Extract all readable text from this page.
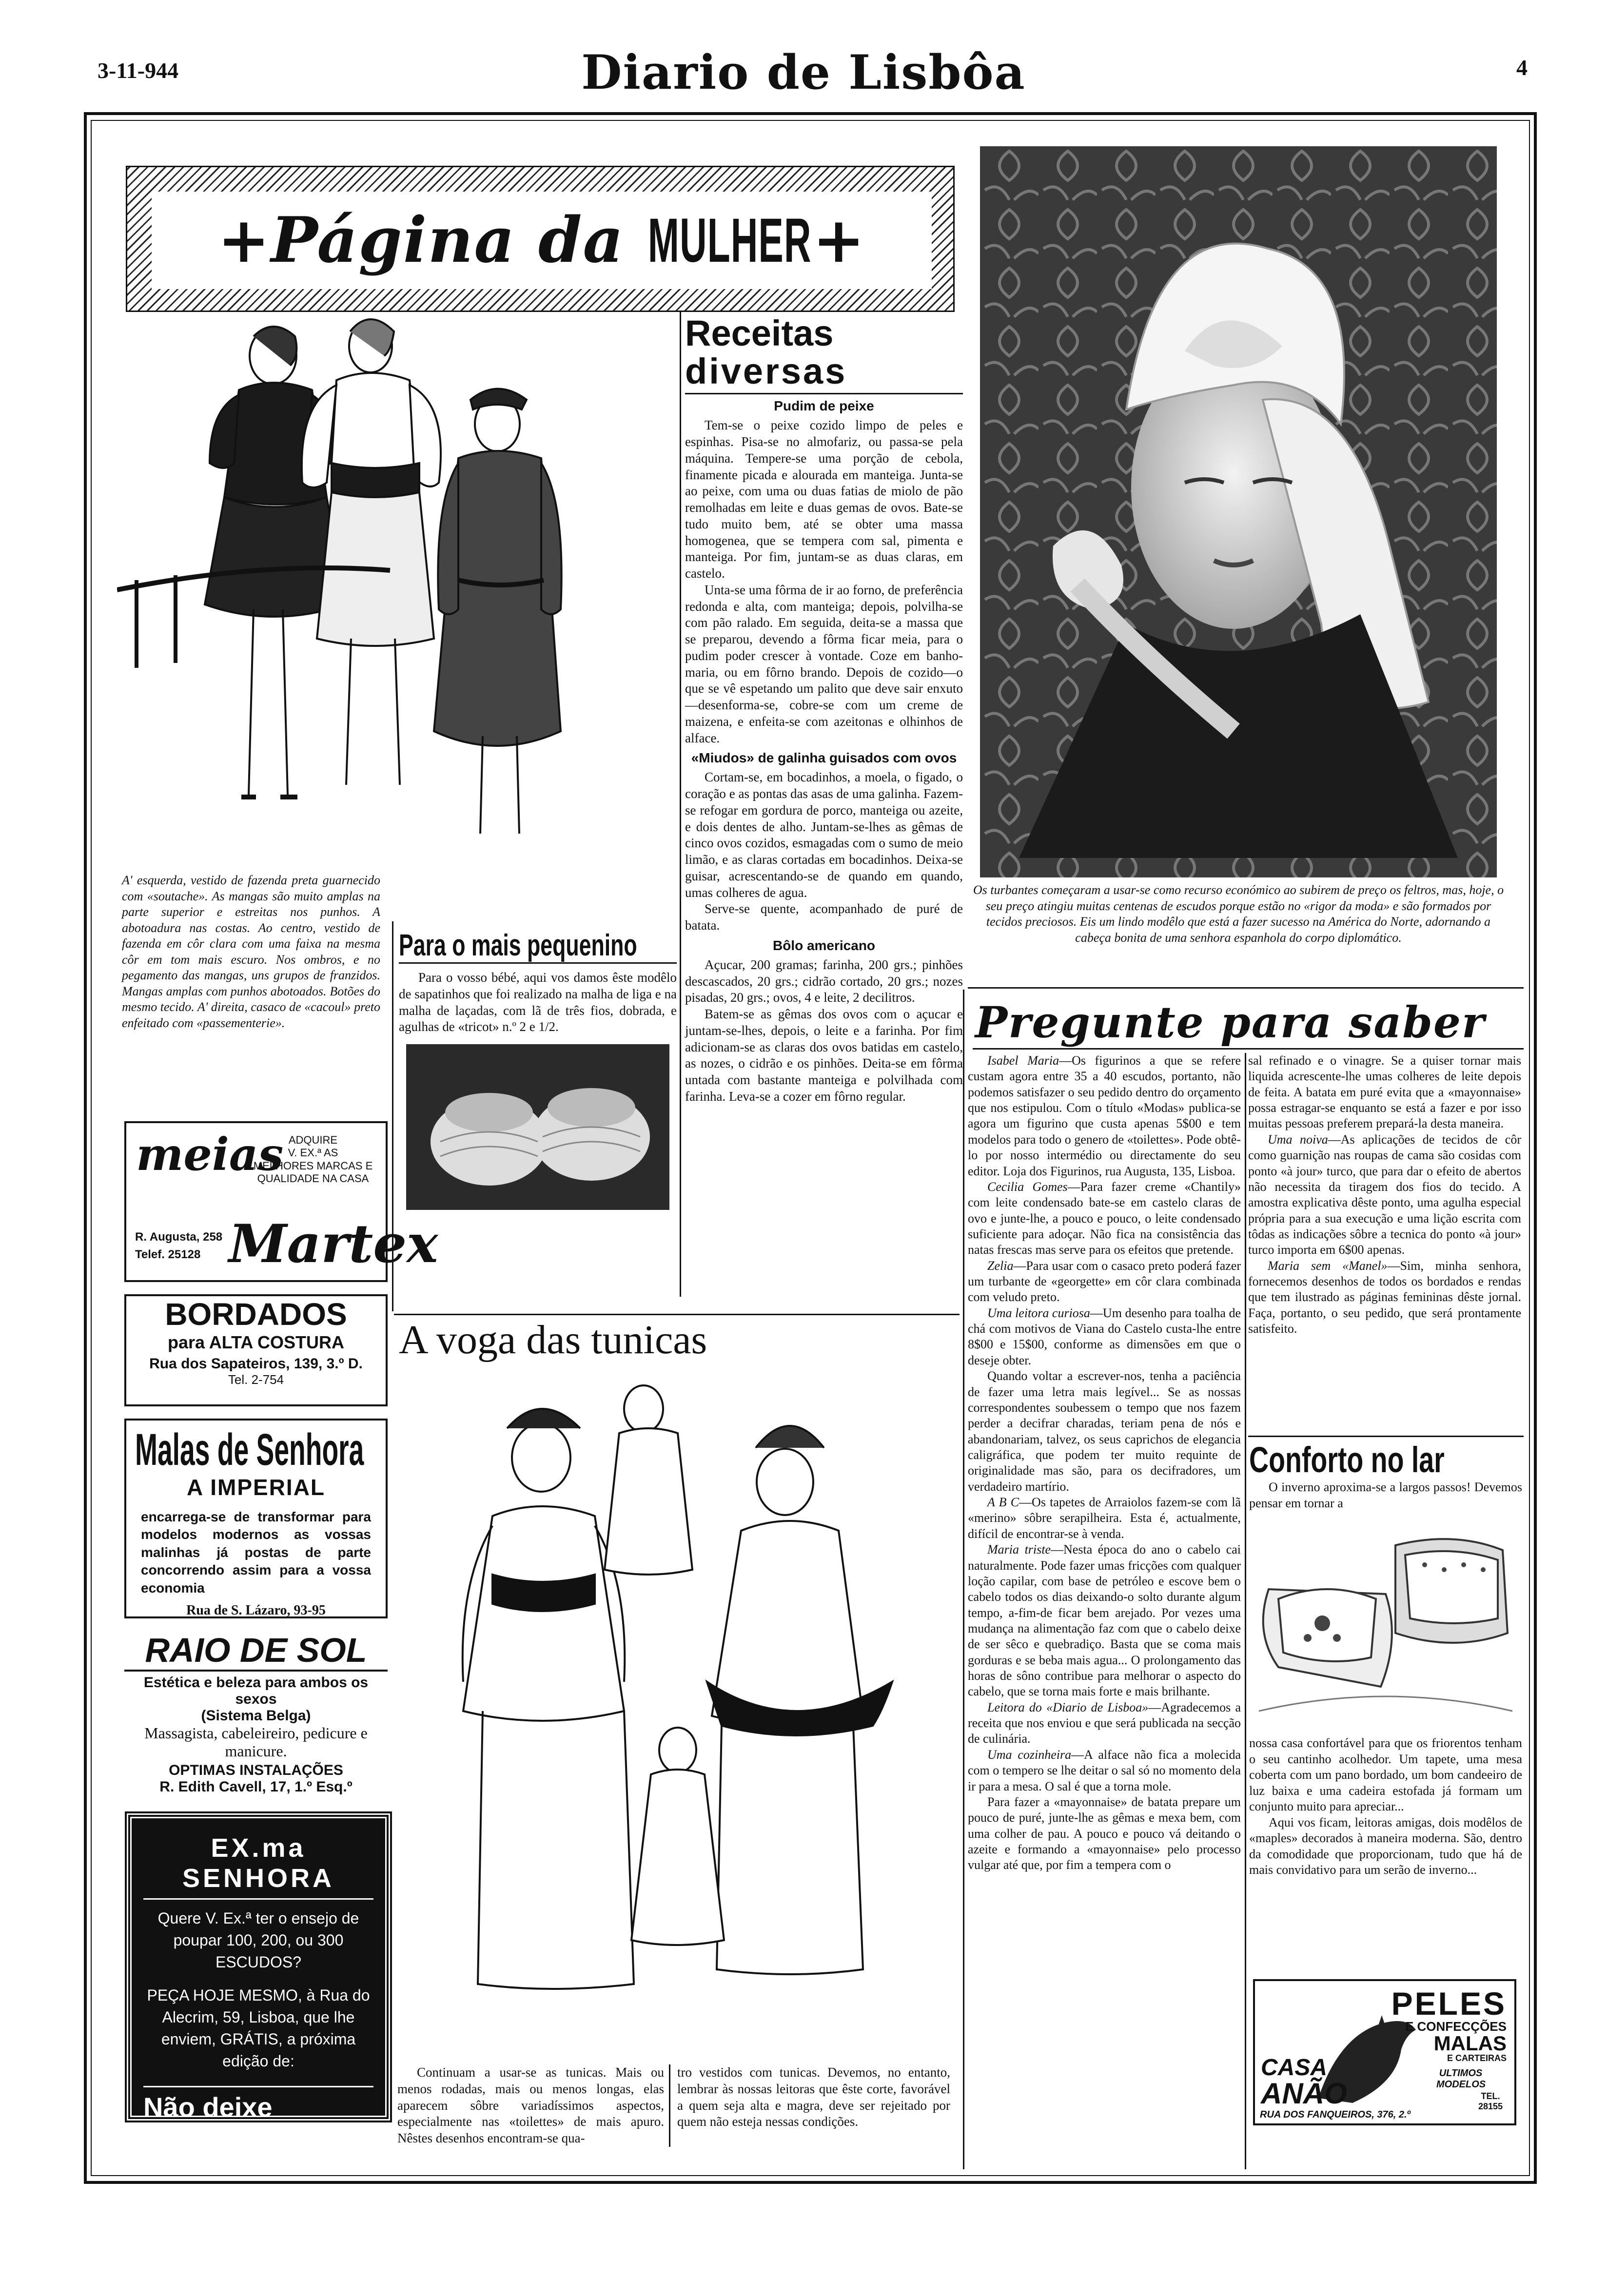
3-11-944	Diario de Lisbôa	4
+Página da MULHER+
A' esquerda, vestido de fazenda preta guarnecido com «soutache». As mangas são muito amplas na parte superior e estreitas nos punhos. A abotoadura nas costas. Ao centro, vestido de fazenda em côr clara com uma faixa na mesma côr em tom mais escuro. Nos ombros, e no pegamento das mangas, uns grupos de franzidos. Mangas amplas com punhos abotoados. Botões do mesmo tecido. A' direita, casaco de «cacoul» preto enfeitado com «passementerie».
Receitas
diversas
Pudim de peixe

Tem-se o peixe cozido limpo de peles e espinhas. Pisa-se no almofariz, ou passa-se pela máquina. Tempere-se uma porção de cebola, finamente picada e alourada em manteiga. Junta-se ao peixe, com uma ou duas fatias de miolo de pão remolhadas em leite e duas gemas de ovos. Bate-se tudo muito bem, até se obter uma massa homogenea, que se tempera com sal, pimenta e manteiga. Por fim, juntam-se as duas claras, em castelo.

Unta-se uma fôrma de ir ao forno, de preferência redonda e alta, com manteiga; depois, polvilha-se com pão ralado. Em seguida, deita-se a massa que se preparou, devendo a fôrma ficar meia, para o pudim poder crescer à vontade. Coze em banho-maria, ou em fôrno brando. Depois de cozido—o que se vê espetando um palito que deve sair enxuto—desenforma-se, cobre-se com um creme de maizena, e enfeita-se com azeitonas e olhinhos de alface.

«Miudos» de galinha guisados com ovos

Cortam-se, em bocadinhos, a moela, o figado, o coração e as pontas das asas de uma galinha. Fazem-se refogar em gordura de porco, manteiga ou azeite, e dois dentes de alho. Juntam-se-lhes as gêmas de cinco ovos cozidos, esmagadas com o sumo de meio limão, e as claras cortadas em bocadinhos. Deixa-se guisar, acrescentando-se de quando em quando, umas colheres de agua.

Serve-se quente, acompanhado de puré de batata.

Bôlo americano

Açucar, 200 gramas; farinha, 200 grs.; pinhões descascados, 20 grs.; cidrão cortado, 20 grs.; nozes pisadas, 20 grs.; ovos, 4 e leite, 2 decilitros.

Batem-se as gêmas dos ovos com o açucar e juntam-se-lhes, depois, o leite e a farinha. Por fim adicionam-se as claras dos ovos batidas em castelo, as nozes, o cidrão e os pinhões. Deita-se em fôrma untada com bastante manteiga e polvilhada com farinha. Leva-se a cozer em fôrno regular.

Para o mais pequenino

Para o vosso bébé, aqui vos damos êste modêlo de sapatinhos que foi realizado na malha de liga e na malha de laçadas, com lã de três fios, dobrada, e agulhas de «tricot» n.º 2 e 1/2.

meias ADQUIRE
V. EX.ª AS
MELHORES MARCAS E
QUALIDADE NA CASA
R. Augusta, 258
Telef. 25128 Martex
BORDADOS
para ALTA COSTURA
Rua dos Sapateiros, 139, 3.º D.
Tel. 2-754
Malas de Senhora
A IMPERIAL
encarrega-se de transformar para modelos modernos as vossas malinhas já postas de parte concorrendo assim para a vossa economia
Rua de S. Lázaro, 93-95
RAIO DE SOL
Estética e beleza para ambos os sexos
(Sistema Belga)
Massagista, cabeleireiro, pedicure e manicure.
OPTIMAS INSTALAÇÕES
R. Edith Cavell, 17, 1.º Esq.º
EX.ma SENHORA
Quere V. Ex.ª ter o ensejo de poupar 100, 200, ou 300 ESCUDOS?
PEÇA HOJE MESMO, à Rua do Alecrim, 59, Lisboa, que lhe enviem, GRÁTIS, a próxima edição de:
Não deixe
Os turbantes começaram a usar-se como recurso económico ao subirem de preço os feltros, mas, hoje, o seu preço atingiu muitas centenas de escudos porque estão no «rigor da moda» e são formados por tecidos preciosos. Eis um lindo modêlo que está a fazer sucesso na América do Norte, adornando a cabeça bonita de uma senhora espanhola do corpo diplomático.
A voga das tunicas

Continuam a usar-se as tunicas. Mais ou menos rodadas, mais ou menos longas, elas aparecem sôbre variadíssimos aspectos, especialmente nas «toilettes» de mais apuro. Nêstes desenhos encontram-se qua-

tro vestidos com tunicas. Devemos, no entanto, lembrar às nossas leitoras que êste corte, favorável a quem seja alta e magra, deve ser rejeitado por quem não esteja nessas condições.

Pregunte para saber

Isabel Maria—Os figurinos a que se refere custam agora entre 35 a 40 escudos, portanto, não podemos satisfazer o seu pedido dentro do orçamento que nos estipulou. Com o título «Modas» publica-se agora um figurino que custa apenas 5$00 e tem modelos para todo o genero de «toilettes». Pode obtê-lo por nosso intermédio ou directamente do seu editor. Loja dos Figurinos, rua Augusta, 135, Lisboa.

Cecilia Gomes—Para fazer creme «Chantily» com leite condensado bate-se em castelo claras de ovo e junte-lhe, a pouco e pouco, o leite condensado suficiente para adoçar. Não fica na consistência das natas frescas mas serve para os efeitos que pretende.

Zelia—Para usar com o casaco preto poderá fazer um turbante de «georgette» em côr clara combinada com veludo preto.

Uma leitora curiosa—Um desenho para toalha de chá com motivos de Viana do Castelo custa-lhe entre 8$00 e 15$00, conforme as dimensões em que o deseje obter.

Quando voltar a escrever-nos, tenha a paciência de fazer uma letra mais legível... Se as nossas correspondentes soubessem o tempo que nos fazem perder a decifrar charadas, teriam pena de nós e abandonariam, talvez, os seus caprichos de elegancia caligráfica, que podem ter muito requinte de originalidade mas são, para os decifradores, um verdadeiro martírio.

A B C—Os tapetes de Arraiolos fazem-se com lã «merino» sôbre serapilheira. Esta é, actualmente, difícil de encontrar-se à venda.

Maria triste—Nesta época do ano o cabelo cai naturalmente. Pode fazer umas fricções com qualquer loção capilar, com base de petróleo e escove bem o cabelo todos os dias deixando-o solto durante algum tempo, a-fim-de ficar bem arejado. Por vezes uma mudança na alimentação faz com que o cabelo deixe de ser sêco e quebradiço. Basta que se coma mais gorduras e se beba mais agua... O prolongamento das horas de sôno contribue para melhorar o aspecto do cabelo, que se torna mais forte e mais brilhante.

Leitora do «Diario de Lisboa»—Agradecemos a receita que nos enviou e que será publicada na secção de culinária.

Uma cozinheira—A alface não fica a molecida com o tempero se lhe deitar o sal só no momento dela ir para a mesa. O sal é que a torna mole.

Para fazer a «mayonnaise» de batata prepare um pouco de puré, junte-lhe as gêmas e mexa bem, com uma colher de pau. A pouco e pouco vá deitando o azeite e formando a «mayonnaise» pelo processo vulgar até que, por fim a tempera com o

sal refinado e o vinagre. Se a quiser tornar mais liquida acrescente-lhe umas colheres de leite depois de feita. A batata em puré evita que a «mayonnaise» possa estragar-se enquanto se está a fazer e por isso muitas pessoas preferem prepará-la desta maneira.

Uma noiva—As aplicações de tecidos de côr como guarnição nas roupas de cama são cosidas com ponto «à jour» turco, que para dar o efeito de abertos não necessita da tiragem dos fios do tecido. A amostra explicativa dêste ponto, uma agulha especial própria para a sua execução e uma lição escrita com tôdas as indicações sôbre a tecnica do ponto «à jour» turco importa em 6$00 apenas.

Maria sem «Manel»—Sim, minha senhora, fornecemos desenhos de todos os bordados e rendas que tem ilustrado as páginas femininas dêste jornal. Faça, portanto, o seu pedido, que será prontamente satisfeito.

Conforto no lar

O inverno aproxima-se a largos passos! Devemos pensar em tornar a

nossa casa confortável para que os friorentos tenham o seu cantinho acolhedor. Um tapete, uma mesa coberta com um pano bordado, um bom candeeiro de luz baixa e uma cadeira estofada já formam um conjunto muito para apreciar...

Aqui vos ficam, leitoras amigas, dois modêlos de «maples» decorados à maneira moderna. São, dentro da comodidade que proporcionam, tudo que há de mais convidativo para um serão de inverno...

PELES
E CONFECÇÕES
MALAS
E CARTEIRAS
CASA
ANÃO
ULTIMOS MODELOS
TEL. 28155
RUA DOS FANQUEIROS, 376, 2.º
